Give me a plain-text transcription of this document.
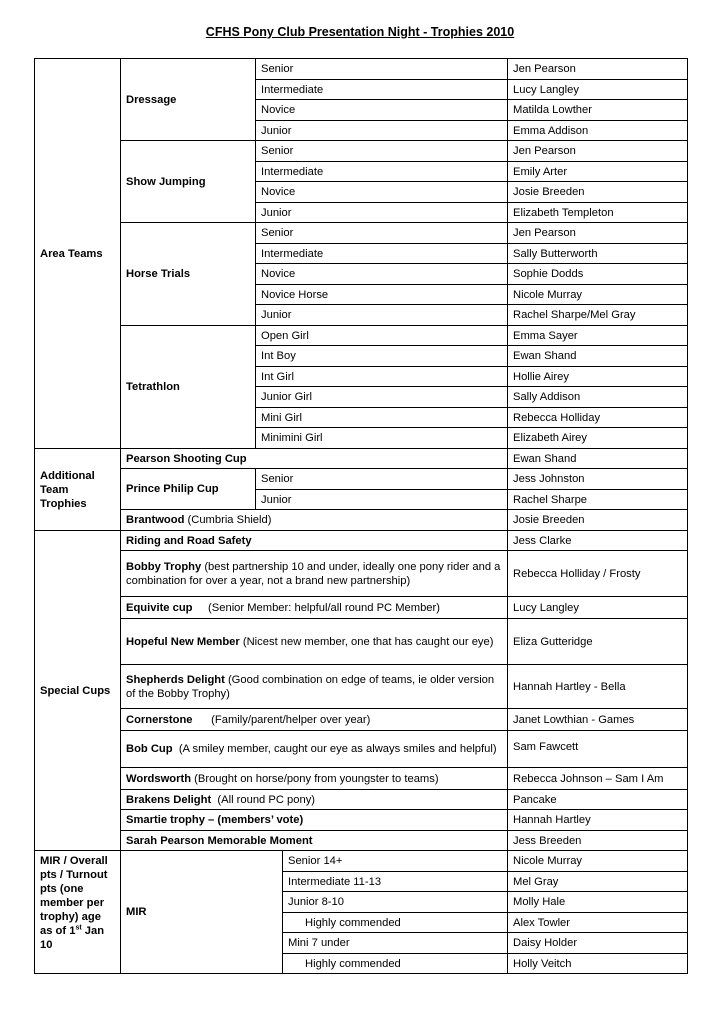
CFHS Pony Club Presentation Night - Trophies 2010
Area Teams	Dressage	Senior		Jen Pearson
		Intermediate		Lucy Langley
		Novice		Matilda Lowther
		Junior		Emma Addison
	Show Jumping	Senior		Jen Pearson
		Intermediate		Emily Arter
		Novice		Josie Breeden
		Junior		Elizabeth Templeton
	Horse Trials	Senior		Jen Pearson
		Intermediate		Sally Butterworth
		Novice		Sophie Dodds
		Novice Horse		Nicole Murray
		Junior		Rachel Sharpe/Mel Gray
	Tetrathlon	Open Girl		Emma Sayer
		Int Boy		Ewan Shand
		Int Girl		Hollie Airey
		Junior Girl		Sally Addison
		Mini Girl		Rebecca Holliday
		Minimini Girl		Elizabeth Airey
Additional Team Trophies	Pearson Shooting Cup			Ewan Shand
	Prince Philip Cup	Senior		Jess Johnston
		Junior		Rachel Sharpe
	Brantwood (Cumbria Shield)			Josie Breeden
Special Cups	Riding and Road Safety			Jess Clarke
	Bobby Trophy (best partnership 10 and under, ideally one pony rider and a combination for over a year, not a brand new partnership)			Rebecca Holliday / Frosty
	Equivite cup     (Senior Member: helpful/all round PC Member)			Lucy Langley
	Hopeful New Member (Nicest new member, one that has caught our eye)			Eliza Gutteridge
	Shepherds Delight (Good combination on edge of teams, ie older version of the Bobby Trophy)			Hannah Hartley - Bella
	Cornerstone      (Family/parent/helper over year)			Janet Lowthian - Games
	Bob Cup  (A smiley member, caught our eye as always smiles and helpful)			Sam Fawcett
	Wordsworth (Brought on horse/pony from youngster to teams)			Rebecca Johnson – Sam I Am
	Brakens Delight  (All round PC pony)			Pancake
	Smartie trophy – (members’ vote)			Hannah Hartley
	Sarah Pearson Memorable Moment			Jess Breeden
MIR / Overall pts / Turnout pts (one member per trophy) age as of 1st Jan 10	MIR		Senior 14+	Nicole Murray
			Intermediate 11-13	Mel Gray
			Junior 8-10	Molly Hale
			Highly commended	Alex Towler
			Mini 7 under	Daisy Holder
			Highly commended	Holly Veitch
